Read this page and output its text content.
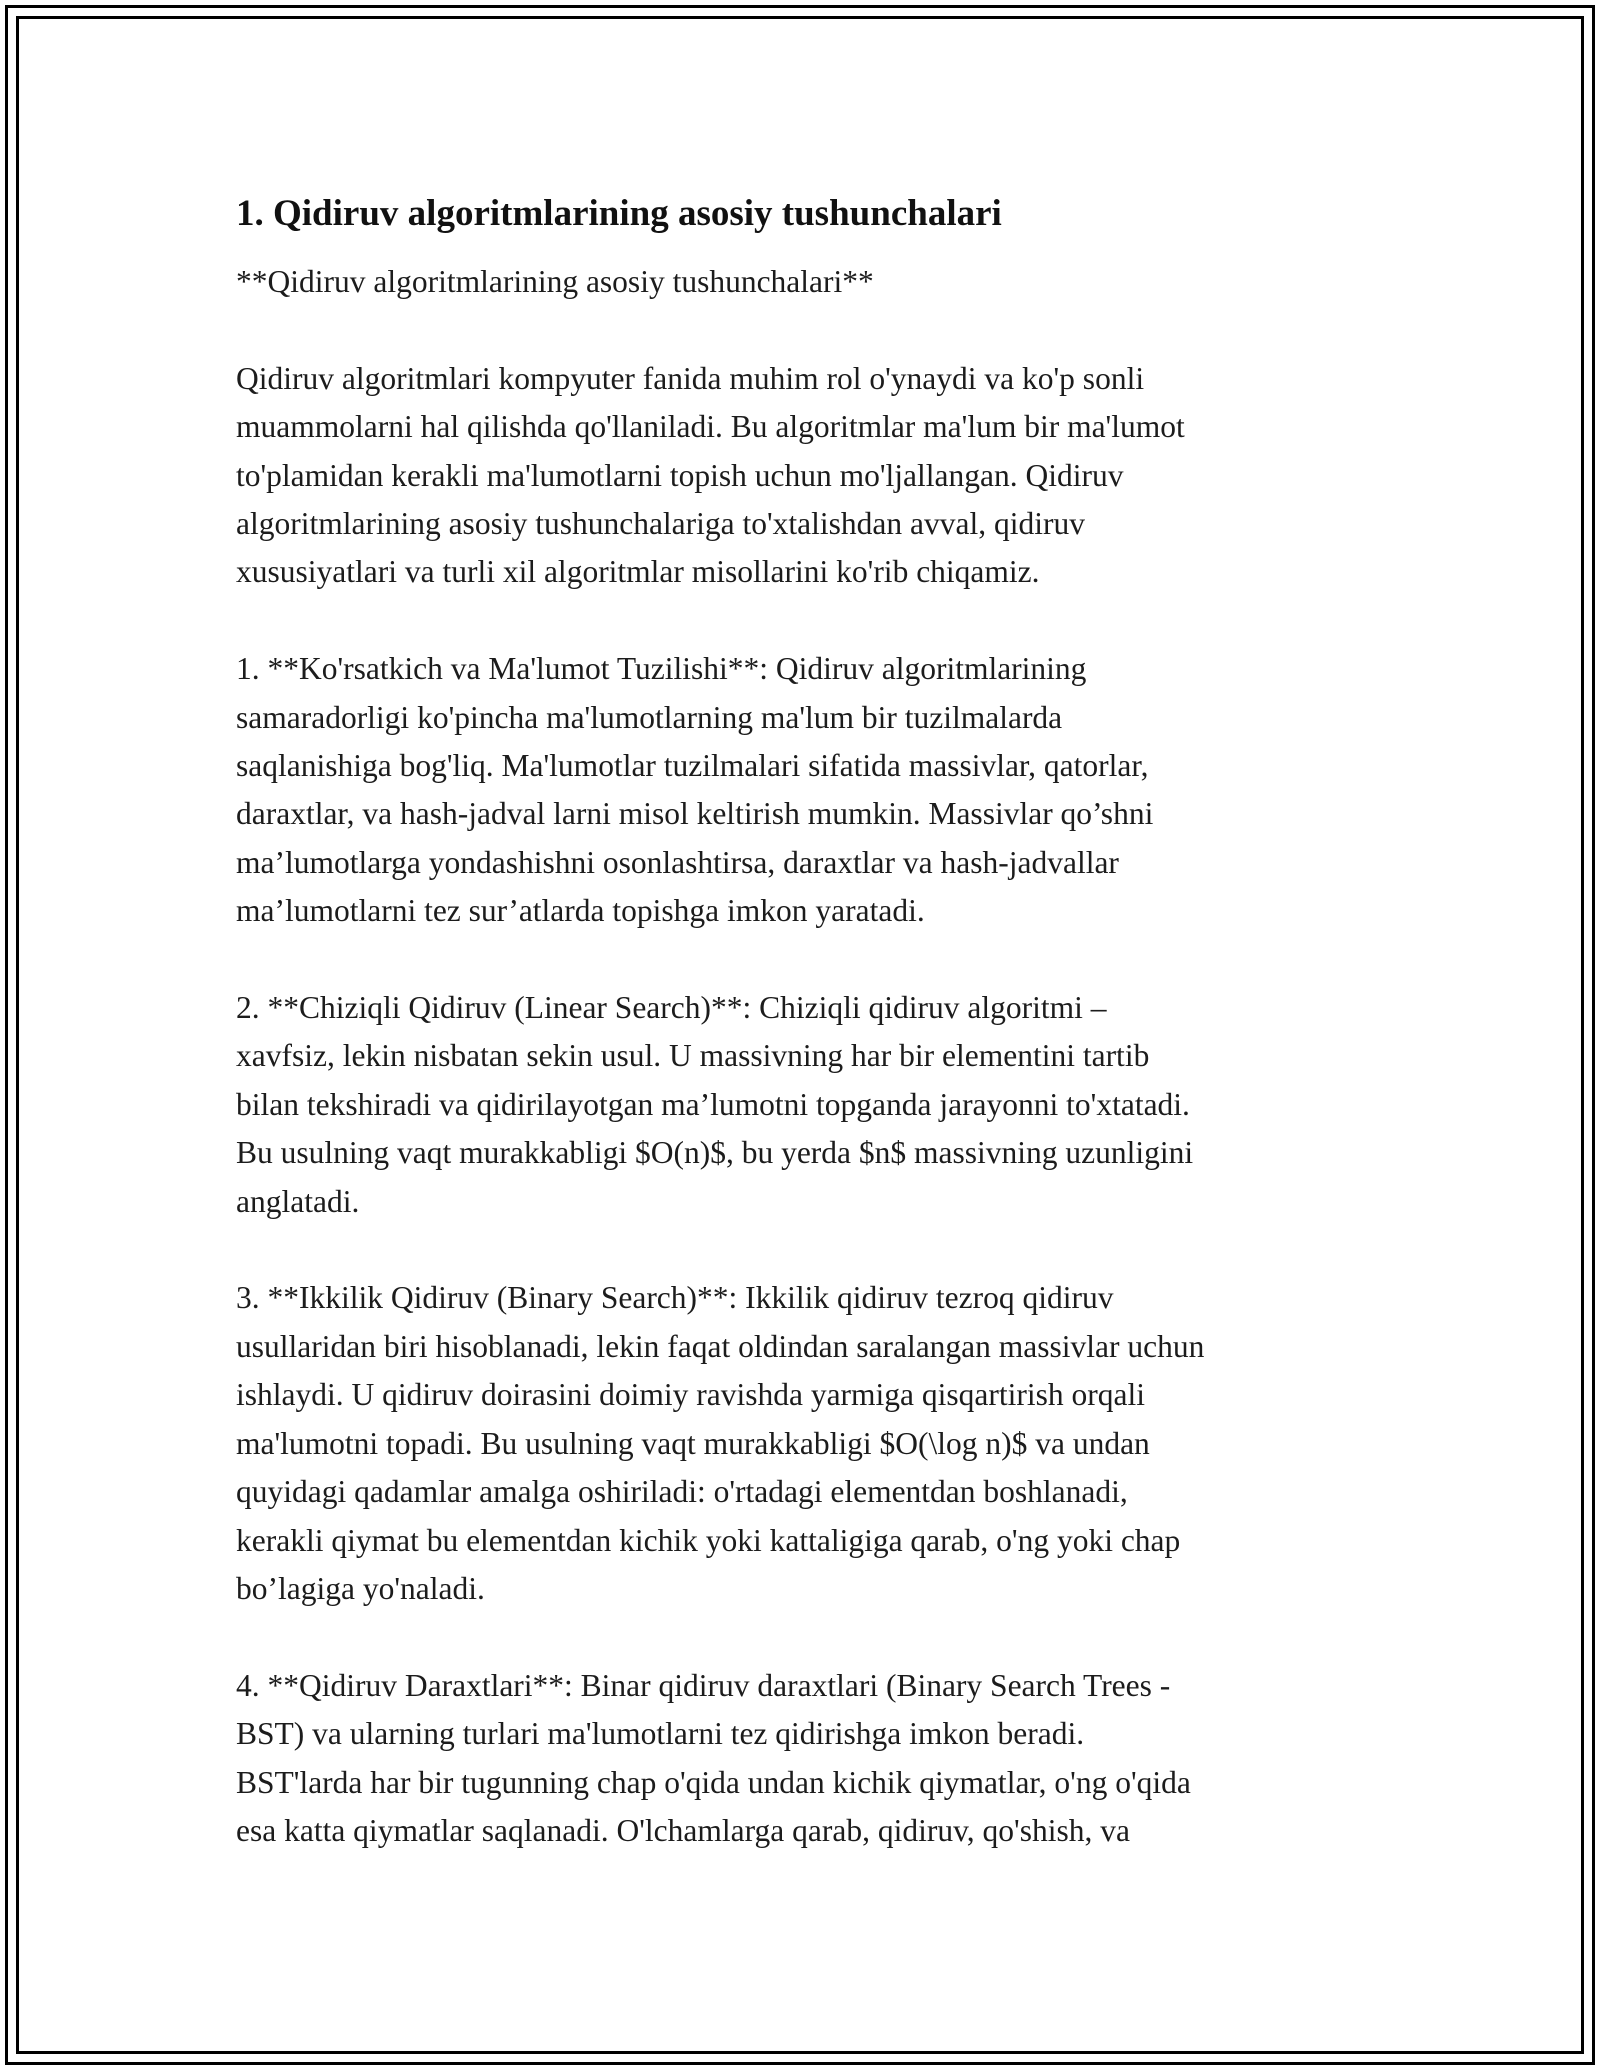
1. Qidiruv algoritmlarining asosiy tushunchalari
**Qidiruv algoritmlarining asosiy tushunchalari**
Qidiruv algoritmlari kompyuter fanida muhim rol o'ynaydi va ko'p sonli
muammolarni hal qilishda qo'llaniladi. Bu algoritmlar ma'lum bir ma'lumot
to'plamidan kerakli ma'lumotlarni topish uchun mo'ljallangan. Qidiruv
algoritmlarining asosiy tushunchalariga to'xtalishdan avval, qidiruv
xususiyatlari va turli xil algoritmlar misollarini ko'rib chiqamiz.
1. **Ko'rsatkich va Ma'lumot Tuzilishi**: Qidiruv algoritmlarining
samaradorligi ko'pincha ma'lumotlarning ma'lum bir tuzilmalarda
saqlanishiga bog'liq. Ma'lumotlar tuzilmalari sifatida massivlar, qatorlar,
daraxtlar, va hash-jadval larni misol keltirish mumkin. Massivlar qo’shni
ma’lumotlarga yondashishni osonlashtirsa, daraxtlar va hash-jadvallar
ma’lumotlarni tez sur’atlarda topishga imkon yaratadi.
2. **Chiziqli Qidiruv (Linear Search)**: Chiziqli qidiruv algoritmi –
xavfsiz, lekin nisbatan sekin usul. U massivning har bir elementini tartib
bilan tekshiradi va qidirilayotgan ma’lumotni topganda jarayonni to'xtatadi.
Bu usulning vaqt murakkabligi $O(n)$, bu yerda $n$ massivning uzunligini
anglatadi.
3. **Ikkilik Qidiruv (Binary Search)**: Ikkilik qidiruv tezroq qidiruv
usullaridan biri hisoblanadi, lekin faqat oldindan saralangan massivlar uchun
ishlaydi. U qidiruv doirasini doimiy ravishda yarmiga qisqartirish orqali
ma'lumotni topadi. Bu usulning vaqt murakkabligi $O(\log n)$ va undan
quyidagi qadamlar amalga oshiriladi: o'rtadagi elementdan boshlanadi,
kerakli qiymat bu elementdan kichik yoki kattaligiga qarab, o'ng yoki chap
bo’lagiga yo'naladi.
4. **Qidiruv Daraxtlari**: Binar qidiruv daraxtlari (Binary Search Trees -
BST) va ularning turlari ma'lumotlarni tez qidirishga imkon beradi.
BST'larda har bir tugunning chap o'qida undan kichik qiymatlar, o'ng o'qida
esa katta qiymatlar saqlanadi. O'lchamlarga qarab, qidiruv, qo'shish, va
